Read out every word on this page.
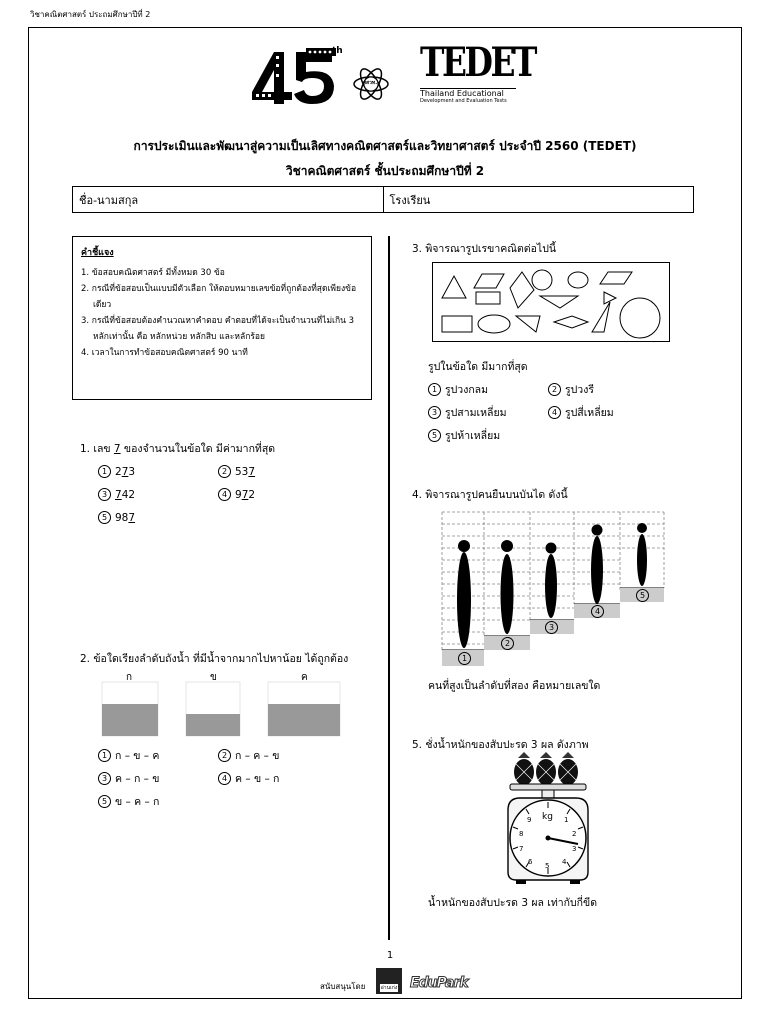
วิชาคณิตศาสตร์ ประถมศึกษาปีที่ 2
th
สสวท. TEDET
Thailand Educational
Development and Evaluation Tests
การประเมินและพัฒนาสู่ความเป็นเลิศทางคณิตศาสตร์และวิทยาศาสตร์ ประจำปี 2560 (TEDET)
วิชาคณิตศาสตร์ ชั้นประถมศึกษาปีที่ 2
ชื่อ-นามสกุล	โรงเรียน
คำชี้แจง
1. ข้อสอบคณิตศาสตร์ มีทั้งหมด 30 ข้อ
2. กรณีที่ข้อสอบเป็นแบบมีตัวเลือก ให้ตอบหมายเลขข้อที่ถูกต้องที่สุดเพียงข้อเดียว
3. กรณีที่ข้อสอบต้องคำนวณหาคำตอบ คำตอบที่ได้จะเป็นจำนวนที่ไม่เกิน 3 หลักเท่านั้น คือ หลักหน่วย หลักสิบ และหลักร้อย
4. เวลาในการทำข้อสอบคณิตศาสตร์ 90 นาที
1. เลข 7 ของจำนวนในข้อใด มีค่ามากที่สุด
1 273	2 537
3 742	4 972
5 987
2. ข้อใดเรียงลำดับถังน้ำ ที่มีน้ำจากมากไปหาน้อย ได้ถูกต้อง
ก	ข	ค
1 ก – ข – ค	2 ก – ค – ข
3 ค – ก – ข	4 ค – ข – ก
5 ข – ค – ก
3. พิจารณารูปเรขาคณิตต่อไปนี้
รูปในข้อใด มีมากที่สุด
1 รูปวงกลม	2 รูปวงรี
3 รูปสามเหลี่ยม	4 รูปสี่เหลี่ยม
5 รูปห้าเหลี่ยม
4. พิจารณารูปคนยืนบนบันได ดังนี้
1
2
3
4
5
คนที่สูงเป็นลำดับที่สอง คือหมายเลขใด
5. ชั่งน้ำหนักของสับปะรด 3 ผล ดังภาพ
kg 1
2
3
4
5
6
7
8
9
น้ำหนักของสับปะรด 3 ผล เท่ากับกี่ขีด
1
สนับสนุนโดย	อ่านเก่ง EduPark
